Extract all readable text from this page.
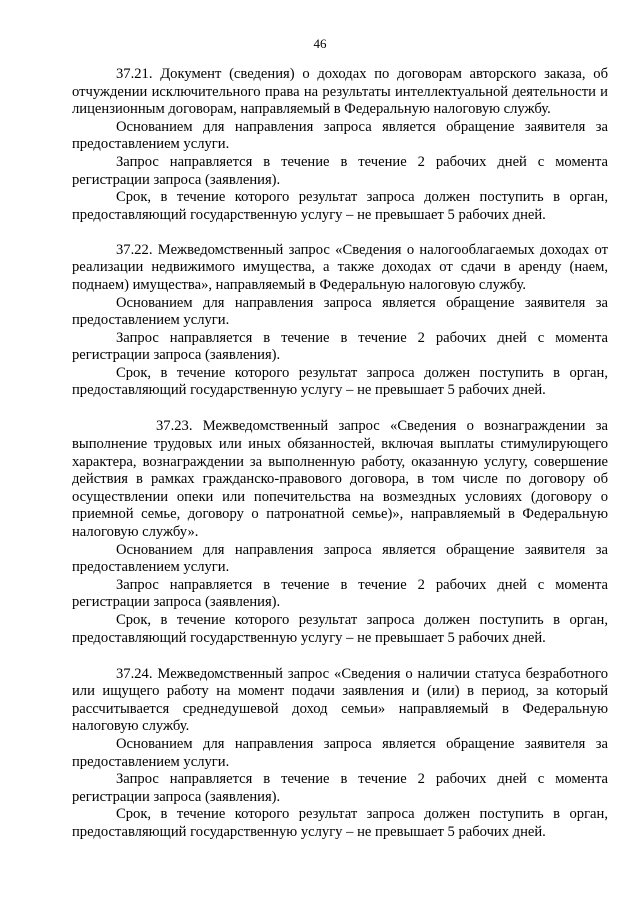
46

37.21. Документ (сведения) о доходах по договорам авторского заказа, об отчуждении исключительного права на результаты интеллектуальной деятельности и лицензионным договорам, направляемый в Федеральную налоговую службу.

Основанием для направления запроса является обращение заявителя за предоставлением услуги.

Запрос направляется в течение в течение 2 рабочих дней с момента регистрации запроса (заявления).

Срок, в течение которого результат запроса должен поступить в орган, предоставляющий государственную услугу – не превышает 5 рабочих дней.

37.22. Межведомственный запрос «Сведения о налогооблагаемых доходах от реализации недвижимого имущества, а также доходах от сдачи в аренду (наем, поднаем) имущества», направляемый в Федеральную налоговую службу.

Основанием для направления запроса является обращение заявителя за предоставлением услуги.

Запрос направляется в течение в течение 2 рабочих дней с момента регистрации запроса (заявления).

Срок, в течение которого результат запроса должен поступить в орган, предоставляющий государственную услугу – не превышает 5 рабочих дней.

37.23. Межведомственный запрос «Сведения о вознаграждении за выполнение трудовых или иных обязанностей, включая выплаты стимулирующего характера, вознаграждении за выполненную работу, оказанную услугу, совершение действия в рамках гражданско-правового договора, в том числе по договору об осуществлении опеки или попечительства на возмездных условиях (договору о приемной семье, договору о патронатной семье)», направляемый в Федеральную налоговую службу».

Основанием для направления запроса является обращение заявителя за предоставлением услуги.

Запрос направляется в течение в течение 2 рабочих дней с момента регистрации запроса (заявления).

Срок, в течение которого результат запроса должен поступить в орган, предоставляющий государственную услугу – не превышает 5 рабочих дней.

37.24. Межведомственный запрос «Сведения о наличии статуса безработного или ищущего работу на момент подачи заявления и (или) в период, за который рассчитывается среднедушевой доход семьи» направляемый в Федеральную налоговую службу.

Основанием для направления запроса является обращение заявителя за предоставлением услуги.

Запрос направляется в течение в течение 2 рабочих дней с момента регистрации запроса (заявления).

Срок, в течение которого результат запроса должен поступить в орган, предоставляющий государственную услугу – не превышает 5 рабочих дней.
